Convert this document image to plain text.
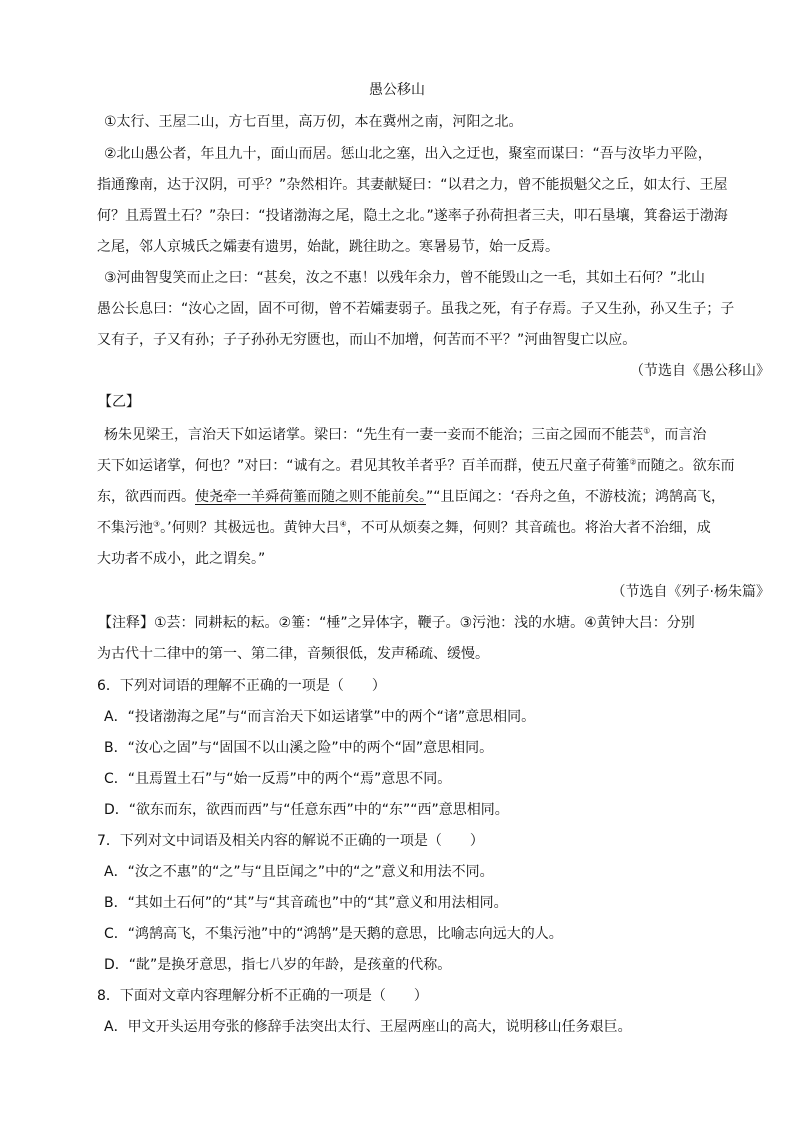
愚公移山
①太行、王屋二山，方七百里，高万仞，本在冀州之南，河阳之北。
②北山愚公者，年且九十，面山而居。惩山北之塞，出入之迂也，聚室而谋曰：“吾与汝毕力平险，
指通豫南，达于汉阴，可乎？”杂然相许。其妻献疑曰：“以君之力，曾不能损魁父之丘，如太行、王屋
何？且焉置土石？”杂曰：“投诸渤海之尾，隐土之北。”遂率子孙荷担者三夫，叩石垦壤，箕畚运于渤海
之尾，邻人京城氏之孀妻有遗男，始龀，跳往助之。寒暑易节，始一反焉。
③河曲智叟笑而止之曰：“甚矣，汝之不惠！以残年余力，曾不能毁山之一毛，其如土石何？”北山
愚公长息曰：“汝心之固，固不可彻，曾不若孀妻弱子。虽我之死，有子存焉。子又生孙，孙又生子；子
又有子，子又有孙；子子孙孙无穷匮也，而山不加增，何苦而不平？”河曲智叟亡以应。
（节选自《愚公移山》
【乙】
杨朱见梁王，言治天下如运诸掌。梁曰：“先生有一妻一妾而不能治；三亩之园而不能芸①，而言治
天下如运诸掌，何也？”对曰：“诚有之。君见其牧羊者乎？百羊而群，使五尺童子荷箠②而随之。欲东而
东，欲西而西。使尧牵一羊舜荷箠而随之则不能前矣。”“且臣闻之：‘吞舟之鱼，不游枝流；鸿鹄高飞，
不集污池③。’何则？其极远也。黄钟大吕④，不可从烦奏之舞，何则？其音疏也。将治大者不治细，成
大功者不成小，此之谓矣。”
（节选自《列子·杨朱篇》
【注释】①芸：同耕耘的耘。②箠：“棰”之异体字，鞭子。③污池：浅的水塘。④黄钟大吕：分别
为古代十二律中的第一、第二律，音频很低，发声稀疏、缓慢。
6．下列对词语的理解不正确的一项是（　　）
A．“投诸渤海之尾”与“而言治天下如运诸掌”中的两个“诸”意思相同。
B．“汝心之固”与“固国不以山溪之险”中的两个“固”意思相同。
C．“且焉置土石”与“始一反焉”中的两个“焉”意思不同。
D．“欲东而东，欲西而西”与“任意东西”中的“东”“西”意思相同。
7．下列对文中词语及相关内容的解说不正确的一项是（　　）
A．“汝之不惠”的“之”与“且臣闻之”中的“之”意义和用法不同。
B．“其如土石何”的“其”与“其音疏也”中的“其”意义和用法相同。
C．“鸿鹄高飞，不集污池”中的“鸿鹄”是天鹅的意思，比喻志向远大的人。
D．“龀”是换牙意思，指七八岁的年龄，是孩童的代称。
8．下面对文章内容理解分析不正确的一项是（　　）
A．甲文开头运用夸张的修辞手法突出太行、王屋两座山的高大，说明移山任务艰巨。
